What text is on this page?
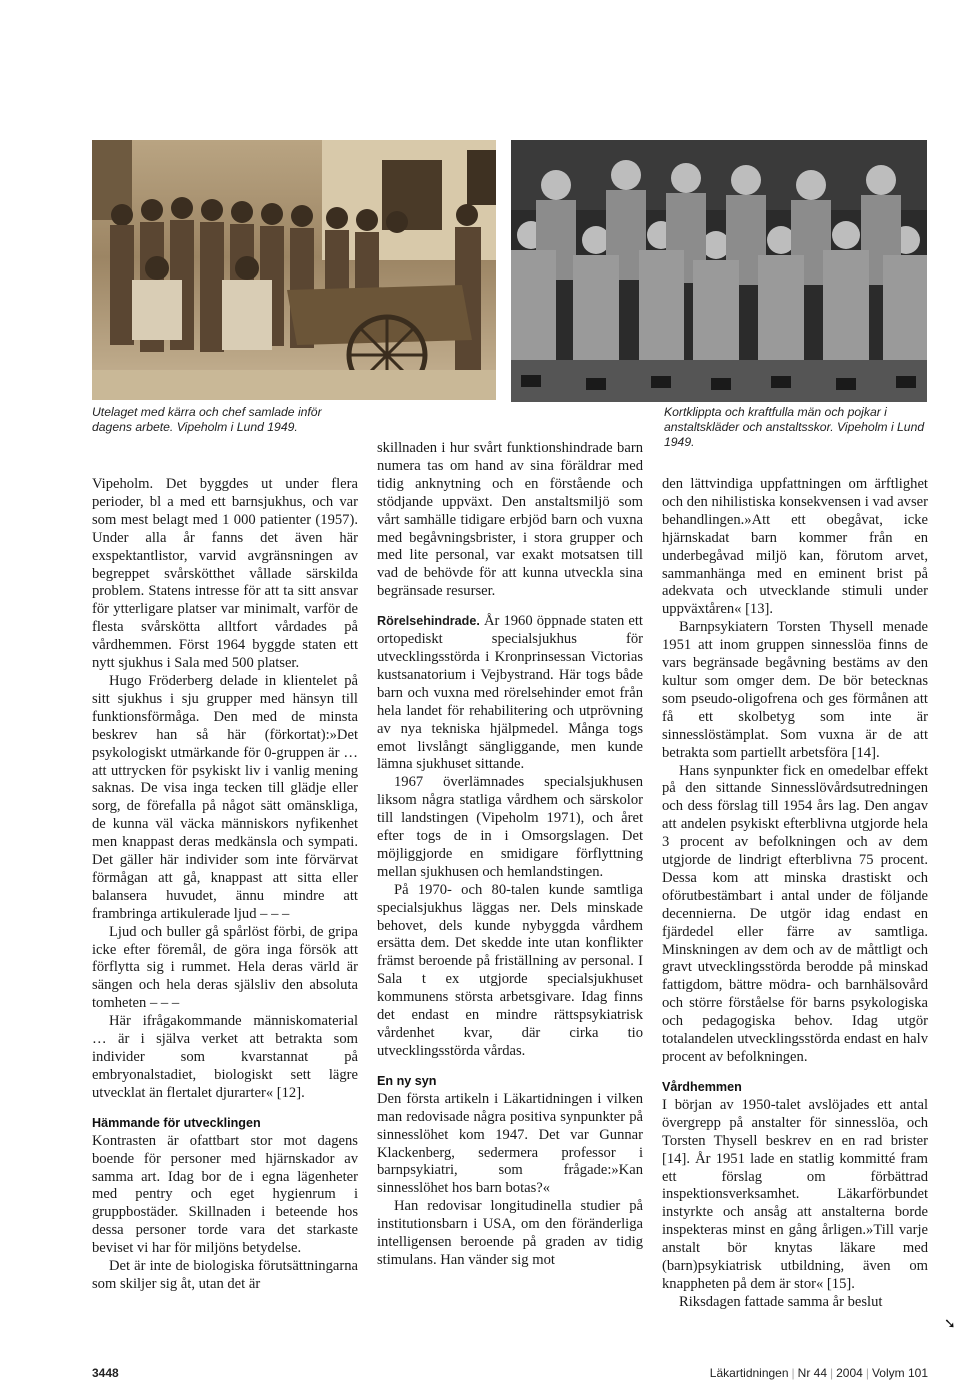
Utelaget med kärra och chef samlade inför dagens arbete. Vipeholm i Lund 1949.

Kortklippta och kraftfulla män och pojkar i anstaltskläder och anstaltsskor. Vipeholm i Lund 1949.

Vipeholm. Det byggdes ut under flera perioder, bl a med ett barnsjukhus, och var som mest belagt med 1 000 patienter (1957). Under alla år fanns det även här exspektantlistor, varvid avgränsningen av begreppet svårskötthet vållade särskilda problem. Statens intresse för att ta sitt ansvar för ytterligare platser var minimalt, varför de flesta svårskötta alltfort vårdades på vårdhemmen. Först 1964 byggde staten ett nytt sjukhus i Sala med 500 platser.

Hugo Fröderberg delade in klientelet på sitt sjukhus i sju grupper med hänsyn till funktionsförmåga. Den med de minsta beskrev han så här (förkortat):»Det psykologiskt utmärkande för 0-gruppen är … att uttrycken för psykiskt liv i vanlig mening saknas. De visa inga tecken till glädje eller sorg, de förefalla på något sätt omänskliga, de kunna väl väcka människors nyfikenhet men knappast deras medkänsla och sympati. Det gäller här individer som inte förvärvat förmågan att gå, knappast att sitta eller balansera huvudet, ännu mindre att frambringa artikulerade ljud – – –

Ljud och buller gå spårlöst förbi, de gripa icke efter föremål, de göra inga försök att förflytta sig i rummet. Hela deras värld är sängen och hela deras själsliv den absoluta tomheten – – –

Här ifrågakommande människomaterial … är i själva verket att betrakta som individer som kvarstannat på embryonalstadiet, biologiskt sett lägre utvecklat än flertalet djurarter« [12].

Hämmande för utvecklingen

Kontrasten är ofattbart stor mot dagens boende för personer med hjärnskador av samma art. Idag bor de i egna lägenheter med pentry och eget hygienrum i gruppbostäder. Skillnaden i beteende hos dessa personer torde vara det starkaste beviset vi har för miljöns betydelse.

Det är inte de biologiska förutsättningarna som skiljer sig åt, utan det är

skillnaden i hur svårt funktionshindrade barn numera tas om hand av sina föräldrar med tidig anknytning och en förstående och stödjande uppväxt. Den anstaltsmiljö som vårt samhälle tidigare erbjöd barn och vuxna med begåvningsbrister, i stora grupper och med lite personal, var exakt motsatsen till vad de behövde för att kunna utveckla sina begränsade resurser.

Rörelsehindrade. År 1960 öppnade staten ett ortopediskt specialsjukhus för utvecklingsstörda i Kronprinsessan Victorias kustsanatorium i Vejbystrand. Här togs både barn och vuxna med rörelsehinder emot från hela landet för rehabilitering och utprövning av nya tekniska hjälpmedel. Många togs emot livslångt sängliggande, men kunde lämna sjukhuset sittande.

1967 överlämnades specialsjukhusen liksom några statliga vårdhem och särskolor till landstingen (Vipeholm 1971), och året efter togs de in i Omsorgslagen. Det möjliggjorde en smidigare förflyttning mellan sjukhusen och hemlandstingen.

På 1970- och 80-talen kunde samtliga specialsjukhus läggas ner. Dels minskade behovet, dels kunde nybyggda vårdhem ersätta dem. Det skedde inte utan konflikter främst beroende på friställning av personal. I Sala t ex utgjorde specialsjukhuset kommunens största arbetsgivare. Idag finns det endast en mindre rättspsykiatrisk vårdenhet kvar, där cirka tio utvecklingsstörda vårdas.

En ny syn

Den första artikeln i Läkartidningen i vilken man redovisade några positiva synpunkter på sinnesslöhet kom 1947. Det var Gunnar Klackenberg, sedermera professor i barnpsykiatri, som frågade:»Kan sinnesslöhet hos barn botas?«

Han redovisar longitudinella studier på institutionsbarn i USA, om den föränderliga intelligensen beroende på graden av tidig stimulans. Han vänder sig mot

den lättvindiga uppfattningen om ärftlighet och den nihilistiska konsekvensen i vad avser behandlingen.»Att ett obegåvat, icke hjärnskadat barn kommer från en underbegåvad miljö kan, förutom arvet, sammanhänga med en eminent brist på adekvata och utvecklande stimuli under uppväxtåren« [13].

Barnpsykiatern Torsten Thysell menade 1951 att inom gruppen sinnesslöa finns de vars begränsade begåvning bestäms av den kultur som omger dem. De bör betecknas som pseudo-oligofrena och ges förmånen att få ett skolbetyg som inte är sinnesslöstämplat. Som vuxna är de att betrakta som partiellt arbetsföra [14].

Hans synpunkter fick en omedelbar effekt på den sittande Sinnesslövårdsutredningen och dess förslag till 1954 års lag. Den angav att andelen psykiskt efterblivna utgjorde hela 3 procent av befolkningen och av dem utgjorde de lindrigt efterblivna 75 procent. Dessa kom att minska drastiskt och oförutbestämbart i antal under de följande decennierna. De utgör idag endast en fjärdedel eller färre av samtliga. Minskningen av dem och av de måttligt och gravt utvecklingsstörda berodde på minskad fattigdom, bättre mödra- och barnhälsovård och större förståelse för barns psykologiska och pedagogiska behov. Idag utgör totalandelen utvecklingsstörda endast en halv procent av befolkningen.

Vårdhemmen

I början av 1950-talet avslöjades ett antal övergrepp på anstalter för sinnesslöa, och Torsten Thysell beskrev en en rad brister [14]. År 1951 lade en statlig kommitté fram ett förslag om förbättrad inspektionsverksamhet. Läkarförbundet instyrkte och ansåg att anstalterna borde inspekteras minst en gång årligen.»Till varje anstalt bör knytas läkare med (barn)psykiatrisk utbildning, även om knappheten på dem är stor« [15].

Riksdagen fattade samma år beslut

➘
3448	Läkartidningen | Nr 44 | 2004 | Volym 101
